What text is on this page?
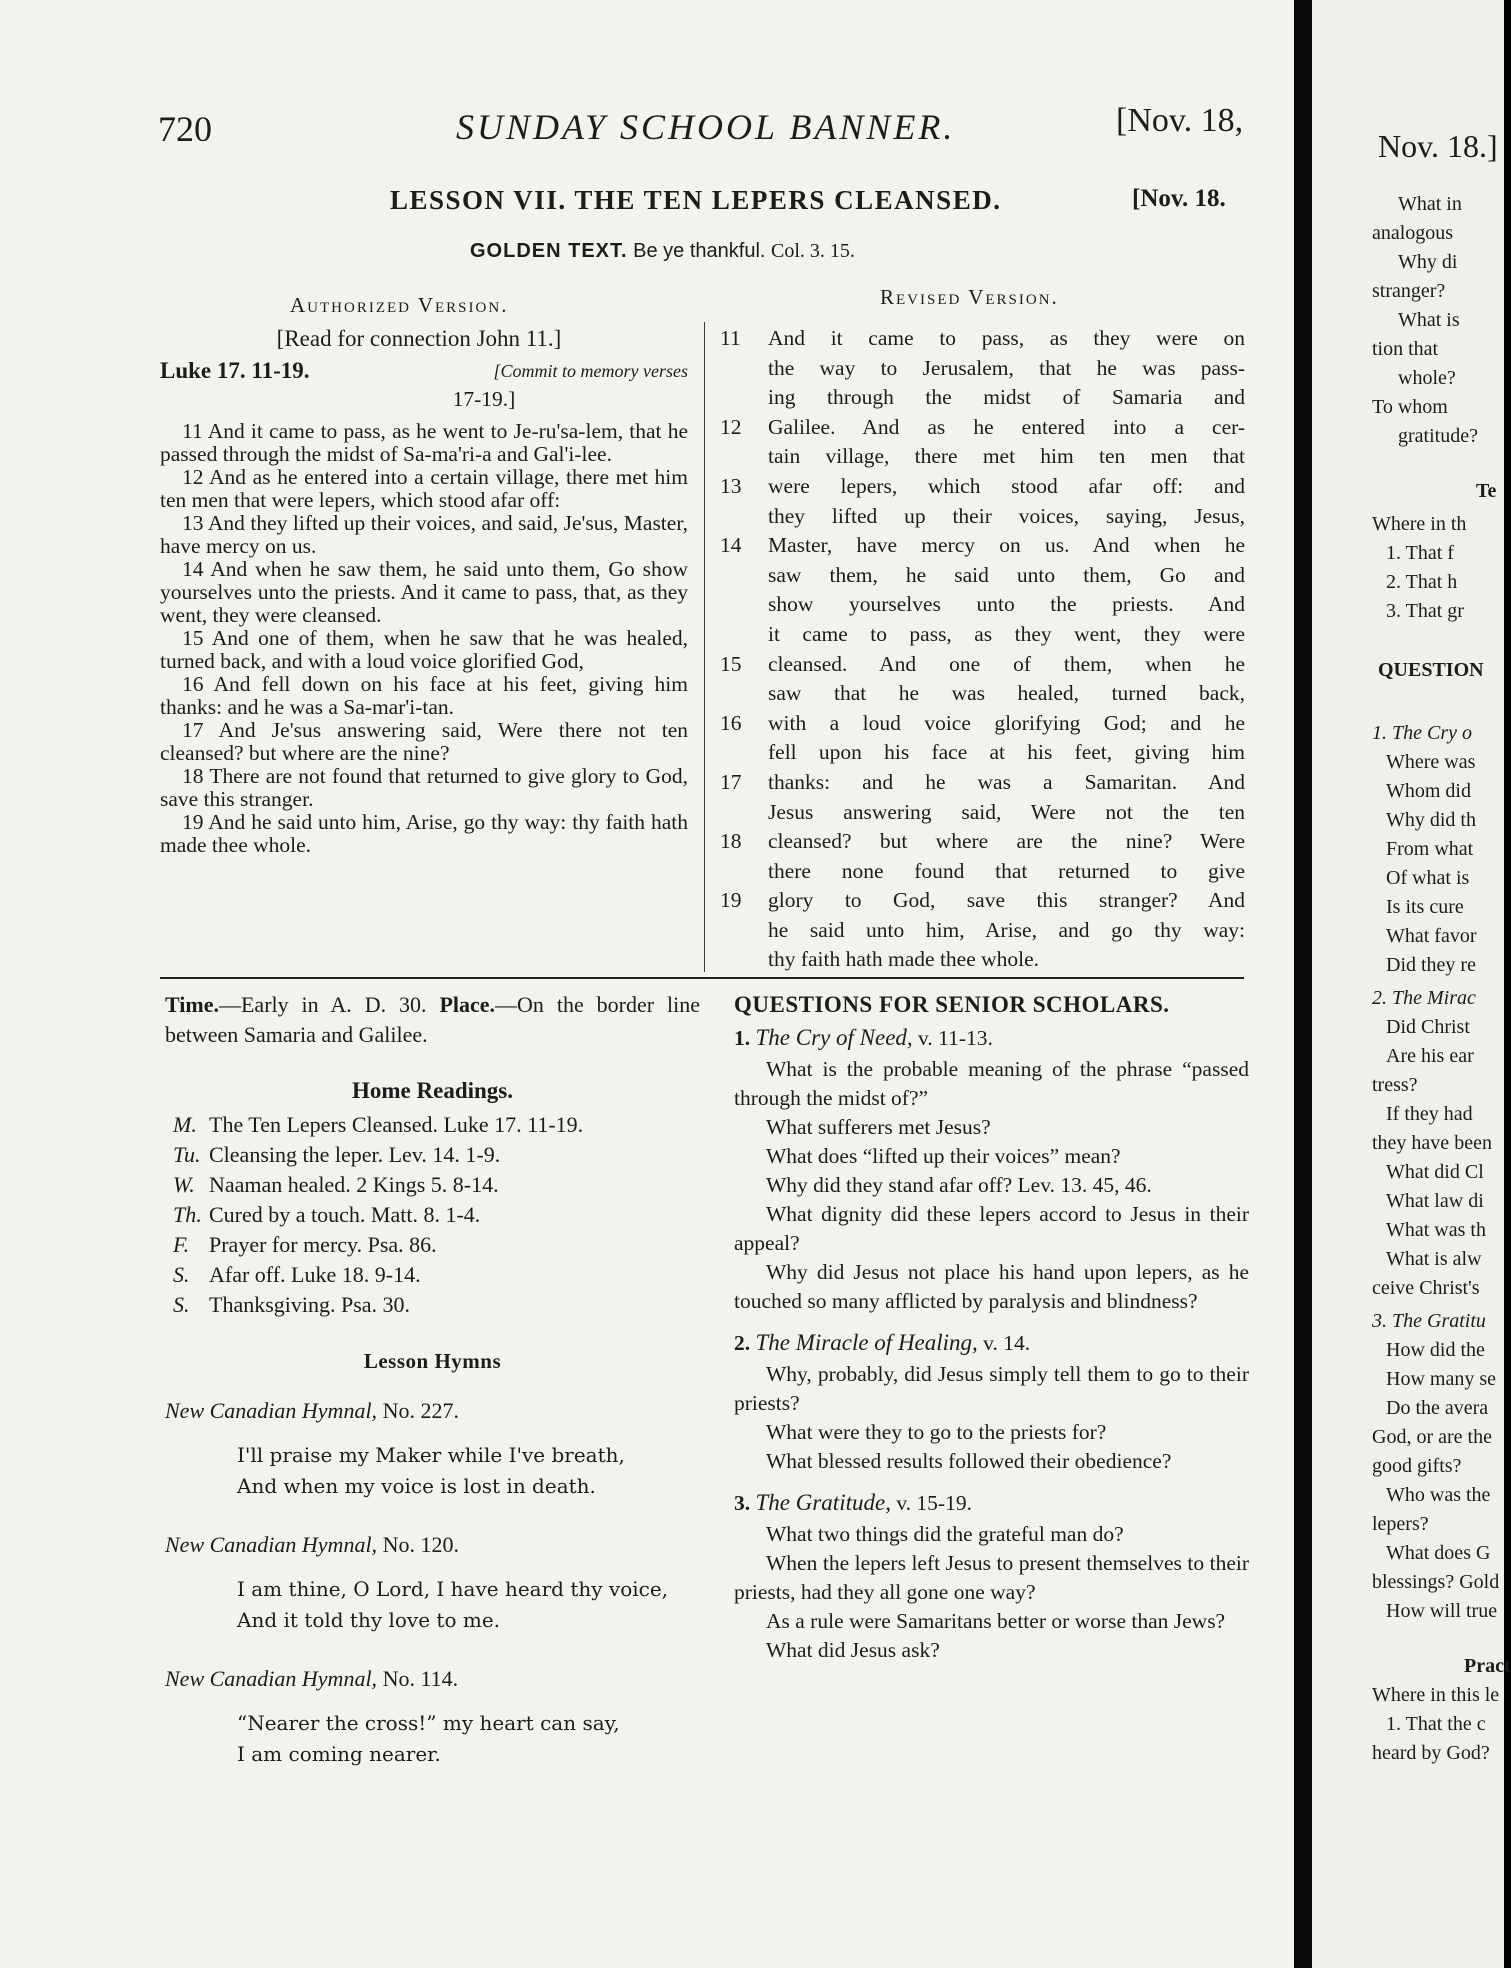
720	SUNDAY SCHOOL BANNER.	[Nov. 18,
LESSON VII. THE TEN LEPERS CLEANSED.	[Nov. 18.
GOLDEN TEXT. Be ye thankful. Col. 3. 15.
Authorized Version.	Revised Version.
[Read for connection John 11.]
Luke 17. 11-19.	[Commit to memory verses
17-19.]

11 And it came to pass, as he went to Je-ru'sa-lem, that he passed through the midst of Sa-ma'ri-a and Gal'i-lee.

12 And as he entered into a certain village, there met him ten men that were lepers, which stood afar off:

13 And they lifted up their voices, and said, Je'sus, Master, have mercy on us.

14 And when he saw them, he said unto them, Go show yourselves unto the priests. And it came to pass, that, as they went, they were cleansed.

15 And one of them, when he saw that he was healed, turned back, and with a loud voice glorified God,

16 And fell down on his face at his feet, giving him thanks: and he was a Sa-mar'i-tan.

17 And Je'sus answering said, Were there not ten cleansed? but where are the nine?

18 There are not found that returned to give glory to God, save this stranger.

19 And he said unto him, Arise, go thy way: thy faith hath made thee whole.

11	And it came to pass, as they were on
the way to Jerusalem, that he was pass-
ing through the midst of Samaria and
12	Galilee. And as he entered into a cer-
tain village, there met him ten men that
13	were lepers, which stood afar off: and
they lifted up their voices, saying, Jesus,
14	Master, have mercy on us. And when he
saw them, he said unto them, Go and
show yourselves unto the priests. And
it came to pass, as they went, they were
15	cleansed. And one of them, when he
saw that he was healed, turned back,
16	with a loud voice glorifying God; and he
fell upon his face at his feet, giving him
17	thanks: and he was a Samaritan. And
Jesus answering said, Were not the ten
18	cleansed? but where are the nine? Were
there none found that returned to give
19	glory to God, save this stranger? And
he said unto him, Arise, and go thy way:
thy faith hath made thee whole.

Time.—Early in A. D. 30. Place.—On the border line between Samaria and Galilee.

Home Readings.
M. The Ten Lepers Cleansed. Luke 17. 11-19.
Tu. Cleansing the leper. Lev. 14. 1-9.
W. Naaman healed. 2 Kings 5. 8-14.
Th. Cured by a touch. Matt. 8. 1-4.
F. Prayer for mercy. Psa. 86.
S. Afar off. Luke 18. 9-14.
S. Thanksgiving. Psa. 30.
Lesson Hymns
New Canadian Hymnal, No. 227.
I'll praise my Maker while I've breath,
And when my voice is lost in death.
New Canadian Hymnal, No. 120.
I am thine, O Lord, I have heard thy voice,
And it told thy love to me.
New Canadian Hymnal, No. 114.
“Nearer the cross!” my heart can say,
I am coming nearer.
QUESTIONS FOR SENIOR SCHOLARS.
1. The Cry of Need, v. 11-13.

What is the probable meaning of the phrase “passed through the midst of?”

What sufferers met Jesus?

What does “lifted up their voices” mean?

Why did they stand afar off? Lev. 13. 45, 46.

What dignity did these lepers accord to Jesus in their appeal?

Why did Jesus not place his hand upon lepers, as he touched so many afflicted by paralysis and blindness?

2. The Miracle of Healing, v. 14.

Why, probably, did Jesus simply tell them to go to their priests?

What were they to go to the priests for?

What blessed results followed their obedience?

3. The Gratitude, v. 15-19.

What two things did the grateful man do?

When the lepers left Jesus to present themselves to their priests, had they all gone one way?

As a rule were Samaritans better or worse than Jews?

What did Jesus ask?

Nov. 18.]
What in
analogous
Why di
stranger?
What is
tion that
whole?
To whom
gratitude?
Te
Where in th
1. That f
2. That h
3. That gr
QUESTION
1. The Cry o
Where was
Whom did
Why did th
From what
Of what is
Is its cure
What favor
Did they re
2. The Mirac
Did Christ
Are his ear
tress?
If they had
they have been
What did Cl
What law di
What was th
What is alw
ceive Christ's
3. The Gratitu
How did the
How many se
Do the avera
God, or are the
good gifts?
Who was the
lepers?
What does G
blessings? Gold
How will true
Pract
Where in this le
1. That the c
heard by God?
